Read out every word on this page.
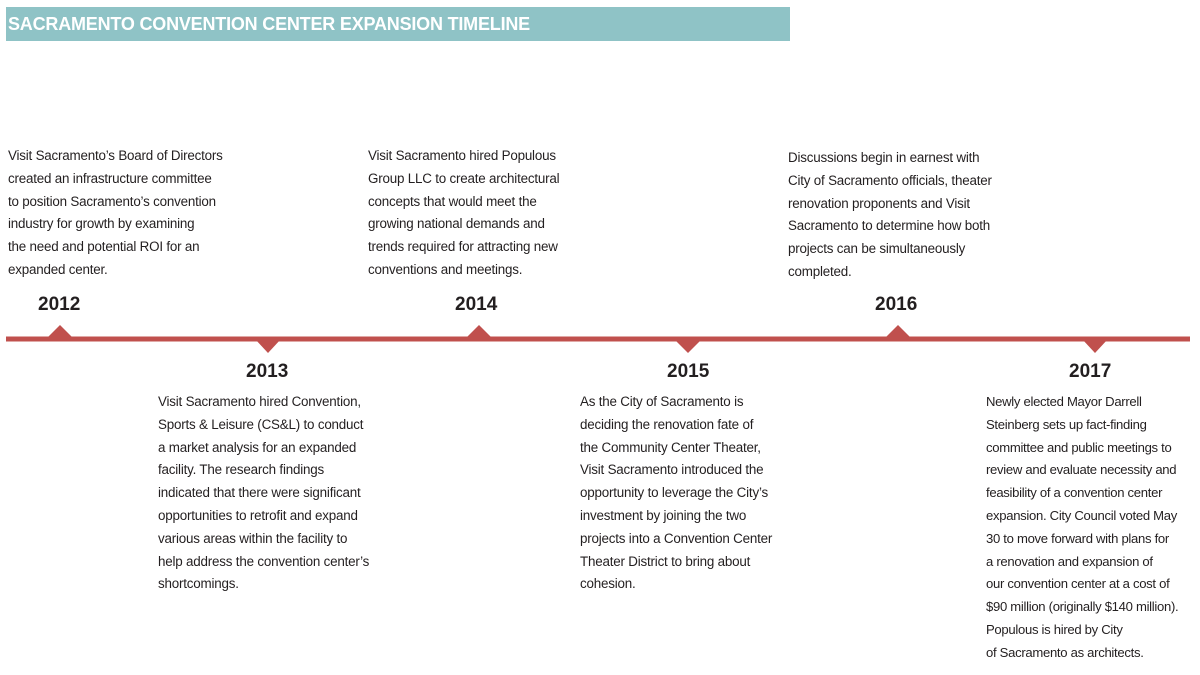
SACRAMENTO CONVENTION CENTER EXPANSION TIMELINE
Visit Sacramento’s Board of Directors
created an infrastructure committee
to position Sacramento’s convention
industry for growth by examining
the need and potential ROI for an
expanded center.
2012
2013
Visit Sacramento hired Convention,
Sports & Leisure (CS&L) to conduct
a market analysis for an expanded
facility. The research findings
indicated that there were significant
opportunities to retrofit and expand
various areas within the facility to
help address the convention center’s
shortcomings.
Visit Sacramento hired Populous
Group LLC to create architectural
concepts that would meet the
growing national demands and
trends required for attracting new
conventions and meetings.
2014
2015
As the City of Sacramento is
deciding the renovation fate of
the Community Center Theater,
Visit Sacramento introduced the
opportunity to leverage the City’s
investment by joining the two
projects into a Convention Center
Theater District to bring about
cohesion.
Discussions begin in earnest with
City of Sacramento officials, theater
renovation proponents and Visit
Sacramento to determine how both
projects can be simultaneously
completed.
2016
2017
Newly elected Mayor Darrell
Steinberg sets up fact-finding
committee and public meetings to
review and evaluate necessity and
feasibility of a convention center
expansion. City Council voted May
30 to move forward with plans for
a renovation and expansion of
our convention center at a cost of
$90 million (originally $140 million).
Populous is hired by City
of Sacramento as architects.
